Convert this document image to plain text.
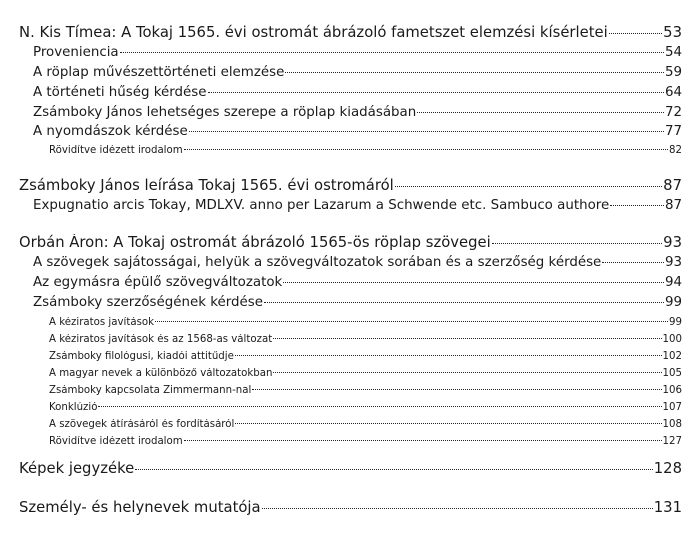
N. Kis Tímea: A Tokaj 1565. évi ostromát ábrázoló fametszet elemzési kísérletei	53
Proveniencia	54
A röplap művészettörténeti elemzése	59
A történeti hűség kérdése	64
Zsámboky János lehetséges szerepe a röplap kiadásában	72
A nyomdászok kérdése	77
Rövidítve idézett irodalom	82
Zsámboky János leírása Tokaj 1565. évi ostromáról	87
Expugnatio arcis Tokay, MDLXV. anno per Lazarum a Schwende etc. Sambuco authore	87
Orbán Áron: A Tokaj ostromát ábrázoló 1565-ös röplap szövegei	93
A szövegek sajátosságai, helyük a szövegváltozatok sorában és a szerzőség kérdése	93
Az egymásra épülő szövegváltozatok	94
Zsámboky szerzőségének kérdése	99
A kéziratos javítások	99
A kéziratos javítások és az 1568-as változat	100
Zsámboky filológusi, kiadói attitűdje	102
A magyar nevek a különböző változatokban	105
Zsámboky kapcsolata Zimmermann-nal	106
Konklúzió	107
A szövegek átírásáról és fordításáról	108
Rövidítve idézett irodalom	127
Képek jegyzéke	128
Személy- és helynevek mutatója	131
